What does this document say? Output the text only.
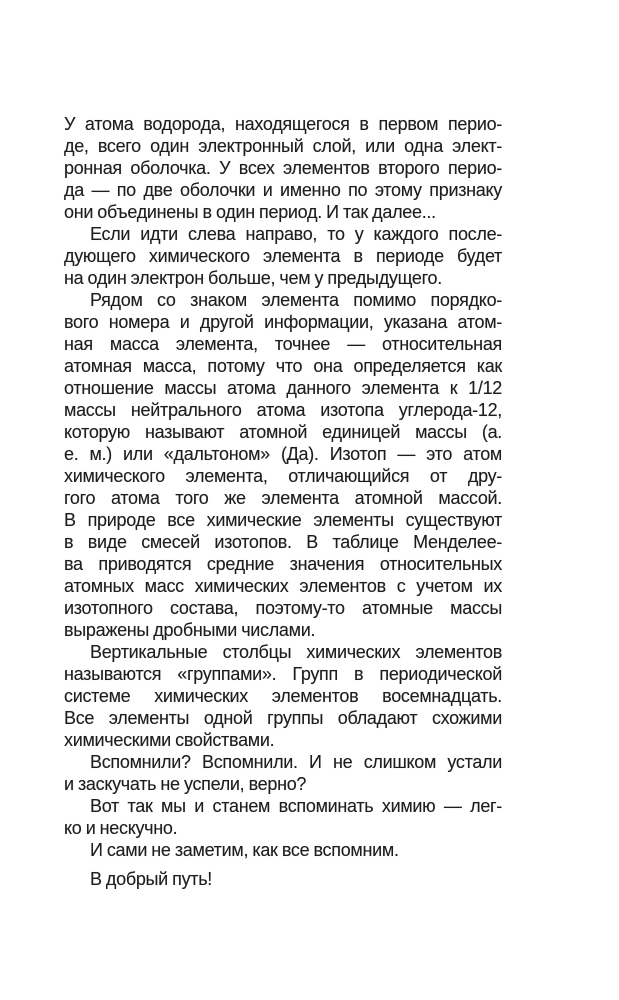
У атома водорода, находящегося в первом перио-
де, всего один электронный слой, или одна элект-
ронная оболочка. У всех элементов второго перио-
да — по две оболочки и именно по этому признаку
они объединены в один период. И так далее...

Если идти слева направо, то у каждого после-
дующего химического элемента в периоде будет
на один электрон больше, чем у предыдущего.

Рядом со знаком элемента помимо порядко-
вого номера и другой информации, указана атом-
ная масса элемента, точнее — относительная
атомная масса, потому что она определяется как
отношение массы атома данного элемента к 1/12
массы нейтрального атома изотопа углерода-12,
которую называют атомной единицей массы (а.
е. м.) или «дальтоном» (Да). Изотоп — это атом
химического элемента, отличающийся от дру-
гого атома того же элемента атомной массой.
В природе все химические элементы существуют
в виде смесей изотопов. В таблице Менделее-
ва приводятся средние значения относительных
атомных масс химических элементов с учетом их
изотопного состава, поэтому-то атомные массы
выражены дробными числами.

Вертикальные столбцы химических элементов
называются «группами». Групп в периодической
системе химических элементов восемнадцать.
Все элементы одной группы обладают схожими
химическими свойствами.

Вспомнили? Вспомнили. И не слишком устали
и заскучать не успели, верно?

Вот так мы и станем вспоминать химию — лег-
ко и нескучно.

И сами не заметим, как все вспомним.

В добрый путь!
